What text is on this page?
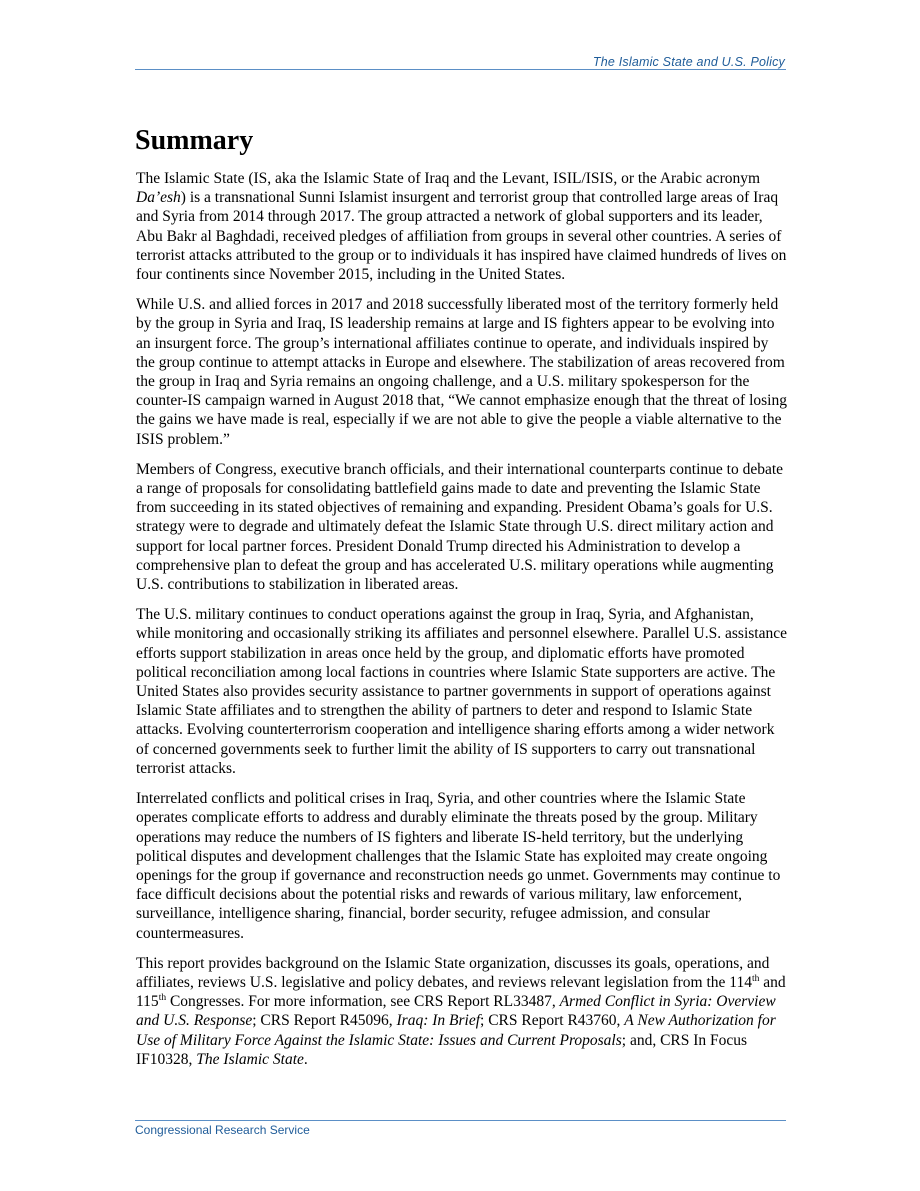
The Islamic State and U.S. Policy
Summary

The Islamic State (IS, aka the Islamic State of Iraq and the Levant, ISIL/ISIS, or the Arabic acronym Da’esh) is a transnational Sunni Islamist insurgent and terrorist group that controlled large areas of Iraq and Syria from 2014 through 2017. The group attracted a network of global supporters and its leader, Abu Bakr al Baghdadi, received pledges of affiliation from groups in several other countries. A series of terrorist attacks attributed to the group or to individuals it has inspired have claimed hundreds of lives on four continents since November 2015, including in the United States.

While U.S. and allied forces in 2017 and 2018 successfully liberated most of the territory formerly held by the group in Syria and Iraq, IS leadership remains at large and IS fighters appear to be evolving into an insurgent force. The group’s international affiliates continue to operate, and individuals inspired by the group continue to attempt attacks in Europe and elsewhere. The stabilization of areas recovered from the group in Iraq and Syria remains an ongoing challenge, and a U.S. military spokesperson for the counter-IS campaign warned in August 2018 that, “We cannot emphasize enough that the threat of losing the gains we have made is real, especially if we are not able to give the people a viable alternative to the ISIS problem.”

Members of Congress, executive branch officials, and their international counterparts continue to debate a range of proposals for consolidating battlefield gains made to date and preventing the Islamic State from succeeding in its stated objectives of remaining and expanding. President Obama’s goals for U.S. strategy were to degrade and ultimately defeat the Islamic State through U.S. direct military action and support for local partner forces. President Donald Trump directed his Administration to develop a comprehensive plan to defeat the group and has accelerated U.S. military operations while augmenting U.S. contributions to stabilization in liberated areas.

The U.S. military continues to conduct operations against the group in Iraq, Syria, and Afghanistan, while monitoring and occasionally striking its affiliates and personnel elsewhere. Parallel U.S. assistance efforts support stabilization in areas once held by the group, and diplomatic efforts have promoted political reconciliation among local factions in countries where Islamic State supporters are active. The United States also provides security assistance to partner governments in support of operations against Islamic State affiliates and to strengthen the ability of partners to deter and respond to Islamic State attacks. Evolving counterterrorism cooperation and intelligence sharing efforts among a wider network of concerned governments seek to further limit the ability of IS supporters to carry out transnational terrorist attacks.

Interrelated conflicts and political crises in Iraq, Syria, and other countries where the Islamic State operates complicate efforts to address and durably eliminate the threats posed by the group. Military operations may reduce the numbers of IS fighters and liberate IS-held territory, but the underlying political disputes and development challenges that the Islamic State has exploited may create ongoing openings for the group if governance and reconstruction needs go unmet. Governments may continue to face difficult decisions about the potential risks and rewards of various military, law enforcement, surveillance, intelligence sharing, financial, border security, refugee admission, and consular countermeasures.

This report provides background on the Islamic State organization, discusses its goals, operations, and affiliates, reviews U.S. legislative and policy debates, and reviews relevant legislation from the 114th and 115th Congresses. For more information, see CRS Report RL33487, Armed Conflict in Syria: Overview and U.S. Response; CRS Report R45096, Iraq: In Brief; CRS Report R43760, A New Authorization for Use of Military Force Against the Islamic State: Issues and Current Proposals; and, CRS In Focus IF10328, The Islamic State.

Congressional Research Service
